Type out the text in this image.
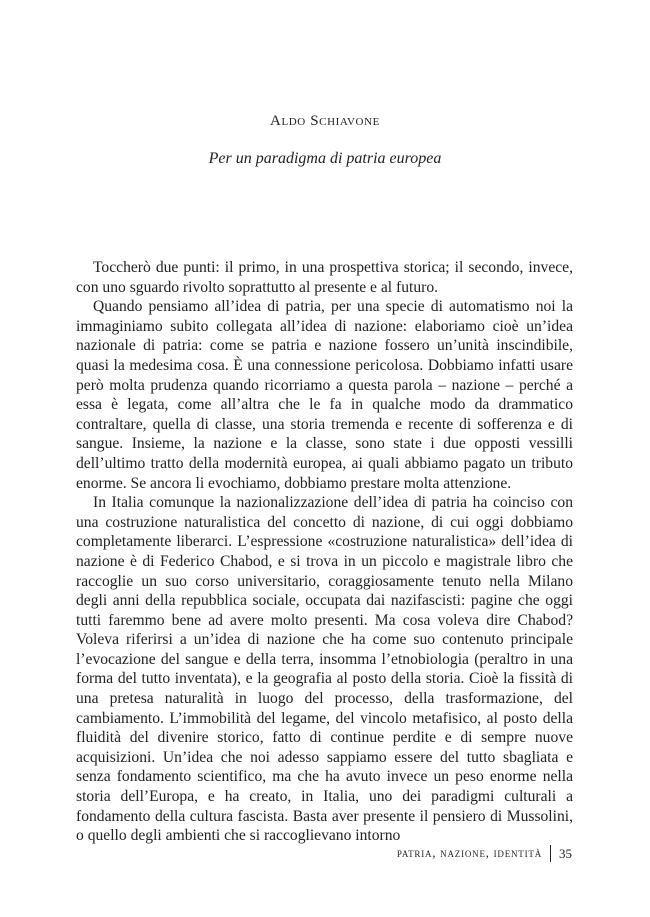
Aldo Schiavone
Per un paradigma di patria europea

Toccherò due punti: il primo, in una prospettiva storica; il secondo, invece, con uno sguardo rivolto soprattutto al presente e al futuro.

Quando pensiamo all’idea di patria, per una specie di automatismo noi la immaginiamo subito collegata all’idea di nazione: elaboriamo cioè un’idea nazionale di patria: come se patria e nazione fossero un’unità inscindibile, quasi la medesima cosa. È una connessione pericolosa. Dobbiamo infatti usare però molta prudenza quando ricorriamo a questa parola – nazione – perché a essa è legata, come all’altra che le fa in qualche modo da drammatico contraltare, quella di classe, una storia tremenda e recente di sofferenza e di sangue. Insieme, la nazione e la classe, sono state i due opposti vessilli dell’ultimo tratto della modernità europea, ai quali abbiamo pagato un tributo enorme. Se ancora li evochiamo, dobbiamo prestare molta attenzione.

In Italia comunque la nazionalizzazione dell’idea di patria ha coinciso con una costruzione naturalistica del concetto di nazione, di cui oggi dobbiamo completamente liberarci. L’espressione «costruzione naturalistica» dell’idea di nazione è di Federico Chabod, e si trova in un piccolo e magistrale libro che raccoglie un suo corso universitario, coraggiosamente tenuto nella Milano degli anni della repubblica sociale, occupata dai nazifascisti: pagine che oggi tutti faremmo bene ad avere molto presenti. Ma cosa voleva dire Chabod? Voleva riferirsi a un’idea di nazione che ha come suo contenuto principale l’evocazione del sangue e della terra, insomma l’etnobiologia (peraltro in una forma del tutto inventata), e la geografia al posto della storia. Cioè la fissità di una pretesa naturalità in luogo del processo, della trasformazione, del cambiamento. L’immobilità del legame, del vincolo metafisico, al posto della fluidità del divenire storico, fatto di continue perdite e di sempre nuove acquisizioni. Un’idea che noi adesso sappiamo essere del tutto sbagliata e senza fondamento scientifico, ma che ha avuto invece un peso enorme nella storia dell’Europa, e ha creato, in Italia, uno dei paradigmi culturali a fondamento della cultura fascista. Basta aver presente il pensiero di Mussolini, o quello degli ambienti che si raccoglievano intorno

patria, nazione, identità 35
